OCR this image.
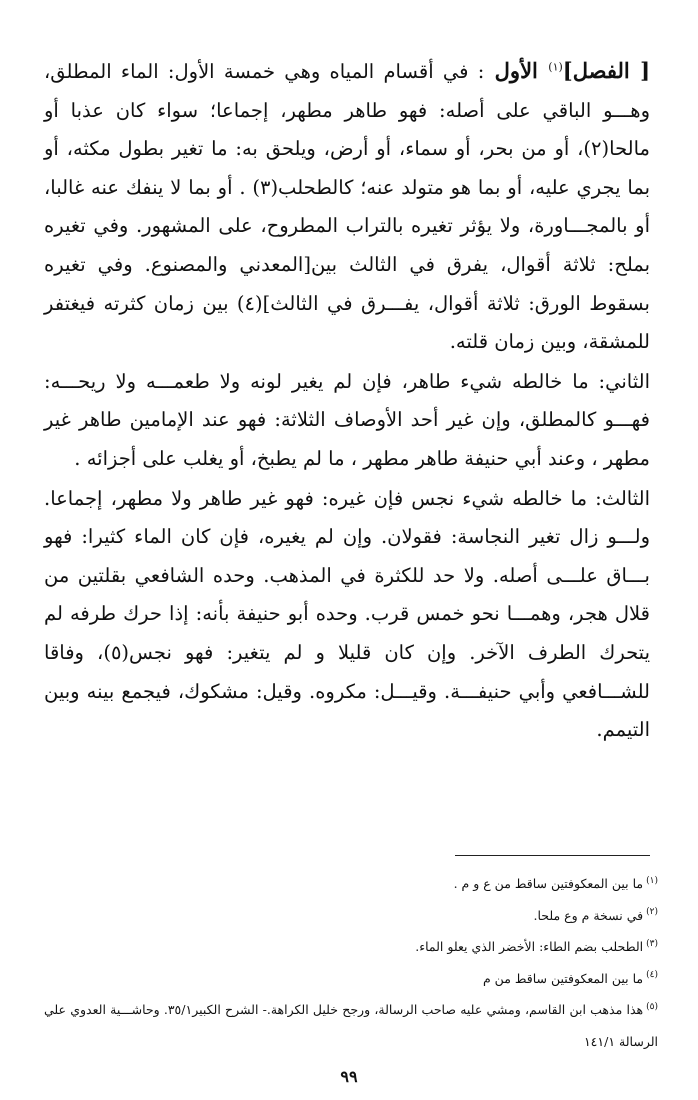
[ الفصل]$^{(١)}$ الأول : في أقسام المياه وهي خمسة الأول: الماء المطلق، وهـــو الباقي على أصله: فهو طاهر مطهر، إجماعا؛ سواء كان عذبا أو مالحا(٢)، أو من بحر، أو سماء، أو أرض، ويلحق به: ما تغير بطول مكثه، أو بما يجري عليه، أو بما هو متولد عنه؛ كالطحلب(٣) . أو بما لا ينفك عنه غالبا، أو بالمجـــاورة، ولا يؤثر تغيره بالتراب المطروح، على المشهور. وفي تغيره بملح: ثلاثة أقوال، يفرق في الثالث بين[المعدني والمصنوع. وفي تغيره بسقوط الورق: ثلاثة أقوال، يفـــرق في الثالث](٤) بين زمان كثرته فيغتفر للمشقة، وبين زمان قلته.

الثاني: ما خالطه شيء طاهر، فإن لم يغير لونه ولا طعمـــه ولا ريحـــه: فهـــو كالمطلق، وإن غير أحد الأوصاف الثلاثة: فهو عند الإمامين طاهر غير مطهر ، وعند أبي حنيفة طاهر مطهر ، ما لم يطبخ، أو يغلب على أجزائه .

الثالث: ما خالطه شيء نجس فإن غيره: فهو غير طاهر ولا مطهر، إجماعا. ولـــو زال تغير النجاسة: فقولان. وإن لم يغيره، فإن كان الماء كثيرا: فهو بـــاق علـــى أصله. ولا حد للكثرة في المذهب. وحده الشافعي بقلتين من قلال هجر، وهمـــا نحو خمس قرب. وحده أبو حنيفة بأنه: إذا حرك طرفه لم يتحرك الطرف الآخر. وإن كان قليلا و لم يتغير: فهو نجس(٥)، وفاقا للشـــافعي وأبي حنيفـــة. وقيـــل: مكروه. وقيل: مشكوك، فيجمع بينه وبين التيمم.

$^{(١)}$ما بين المعكوفتين ساقط من ع و م .

$^{(٢)}$في نسخة م وع ملحا.

$^{(٣)}$الطحلب بضم الطاء: الأخضر الذي يعلو الماء.

$^{(٤)}$ما بين المعكوفتين ساقط من م

$^{(٥)}$هذا مذهب ابن القاسم، ومشي عليه صاحب الرسالة، ورجح خليل الكراهة.- الشرح الكبير٣٥/١. وحاشـــية العدوي علي الرسالة ١٤١/١

٩٩
